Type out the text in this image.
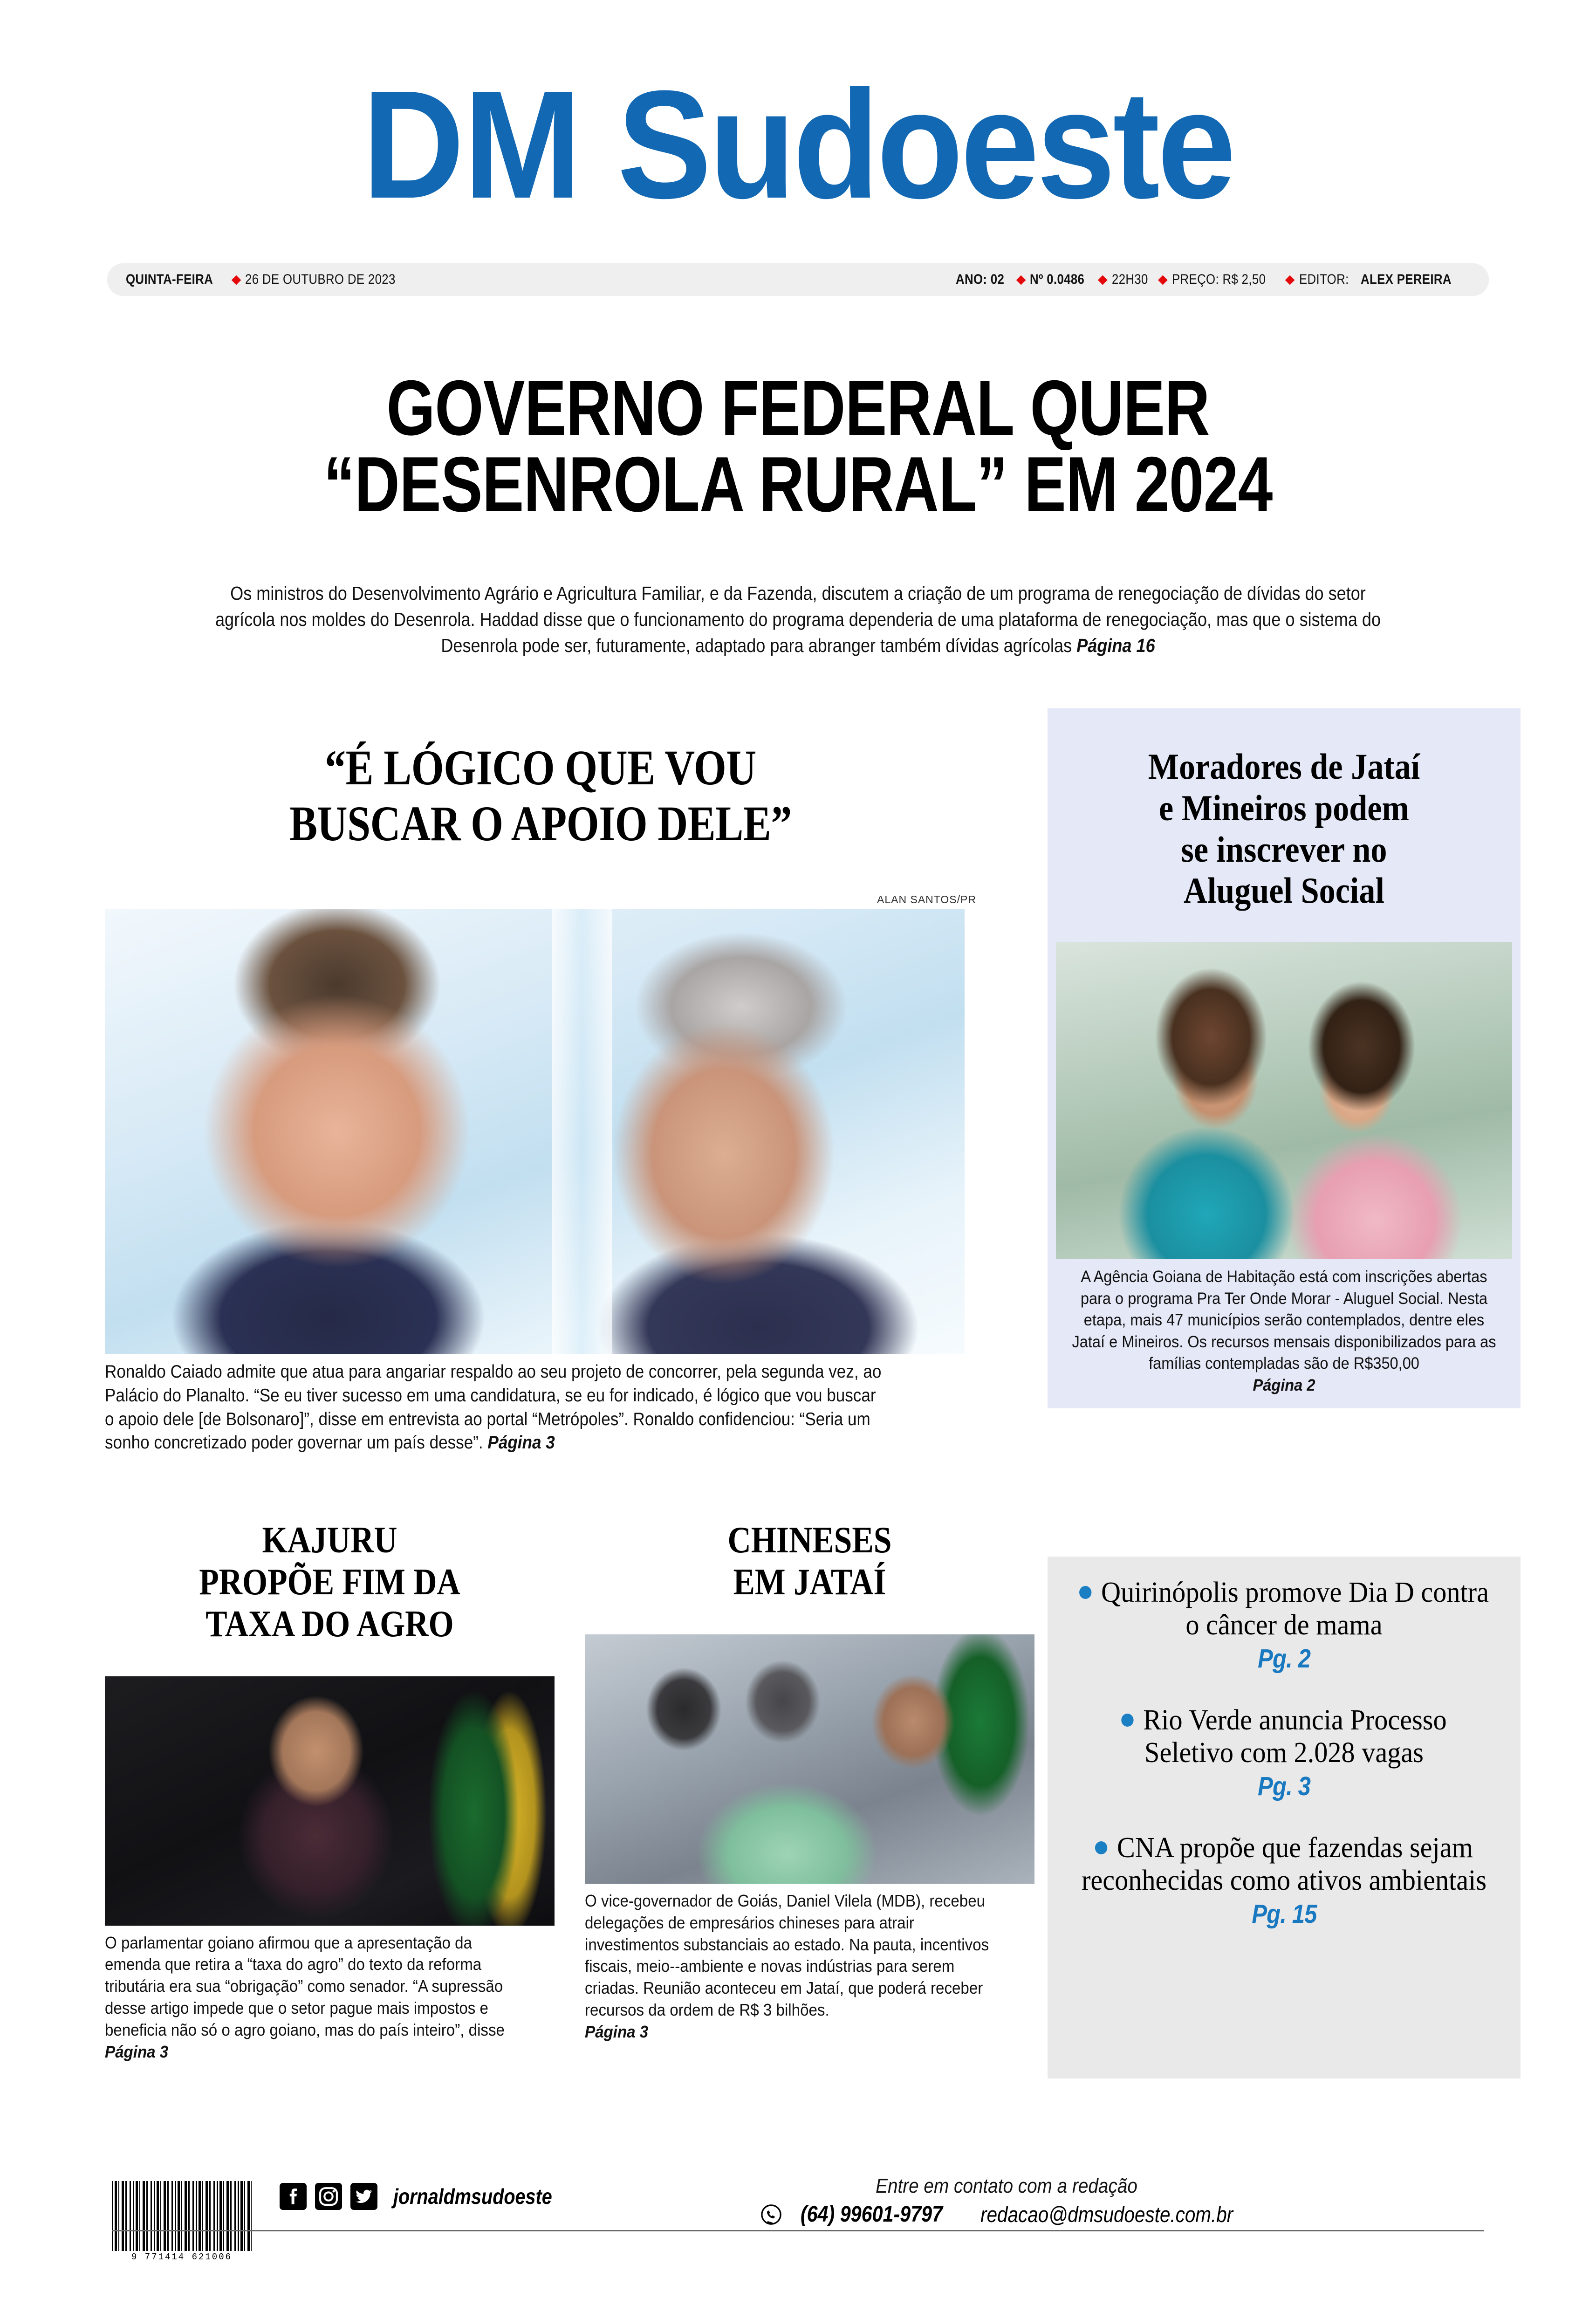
DM Sudoeste
QUINTA-FEIRA ◆ 26 DE OUTUBRO DE 2023	ANO: 02 ◆ Nº 0.0486 ◆ 22H30 ◆ PREÇO: R$ 2,50 ◆ EDITOR: ALEX PEREIRA
GOVERNO FEDERAL QUER
“DESENROLA RURAL” EM 2024
Os ministros do Desenvolvimento Agrário e Agricultura Familiar, e da Fazenda, discutem a criação de um programa de renegociação de dívidas do setor agrícola nos moldes do Desenrola. Haddad disse que o funcionamento do programa dependeria de uma plataforma de renegociação, mas que o sistema do Desenrola pode ser, futuramente, adaptado para abranger também dívidas agrícolas Página 16
“É LÓGICO QUE VOU
BUSCAR O APOIO DELE”
ALAN SANTOS/PR
Ronaldo Caiado admite que atua para angariar respaldo ao seu projeto de concorrer, pela segunda vez, ao Palácio do Planalto. “Se eu tiver sucesso em uma candidatura, se eu for indicado, é lógico que vou buscar o apoio dele [de Bolsonaro]”, disse em entrevista ao portal “Metrópoles”. Ronaldo confidenciou: “Seria um sonho concretizado poder governar um país desse”. Página 3
Moradores de Jataí
e Mineiros podem
se inscrever no
Aluguel Social
A Agência Goiana de Habitação está com inscrições abertas para o programa Pra Ter Onde Morar - Aluguel Social. Nesta etapa, mais 47 municípios serão contemplados, dentre eles Jataí e Mineiros. Os recursos mensais disponibilizados para as famílias contempladas são de R$350,00
Página 2
KAJURU
PROPÕE FIM DA
TAXA DO AGRO
O parlamentar goiano afirmou que a apresentação da emenda que retira a “taxa do agro” do texto da reforma tributária era sua “obrigação” como senador. “A supressão desse artigo impede que o setor pague mais impostos e beneficia não só o agro goiano, mas do país inteiro”, disse Página 3
CHINESES
EM JATAÍ
O vice-governador de Goiás, Daniel Vilela (MDB), recebeu delegações de empresários chineses para atrair investimentos substanciais ao estado. Na pauta, incentivos fiscais, meio--ambiente e novas indústrias para serem criadas. Reunião aconteceu em Jataí, que poderá receber recursos da ordem de R$ 3 bilhões.
Página 3
Quirinópolis promove Dia D contra o câncer de mama
Pg. 2
Rio Verde anuncia Processo Seletivo com 2.028 vagas
Pg. 3
CNA propõe que fazendas sejam reconhecidas como ativos ambientais
Pg. 15
9 771414 621006
jornaldmsudoeste	Entre em contato com a redação
(64) 99601-9797 redacao@dmsudoeste.com.br
